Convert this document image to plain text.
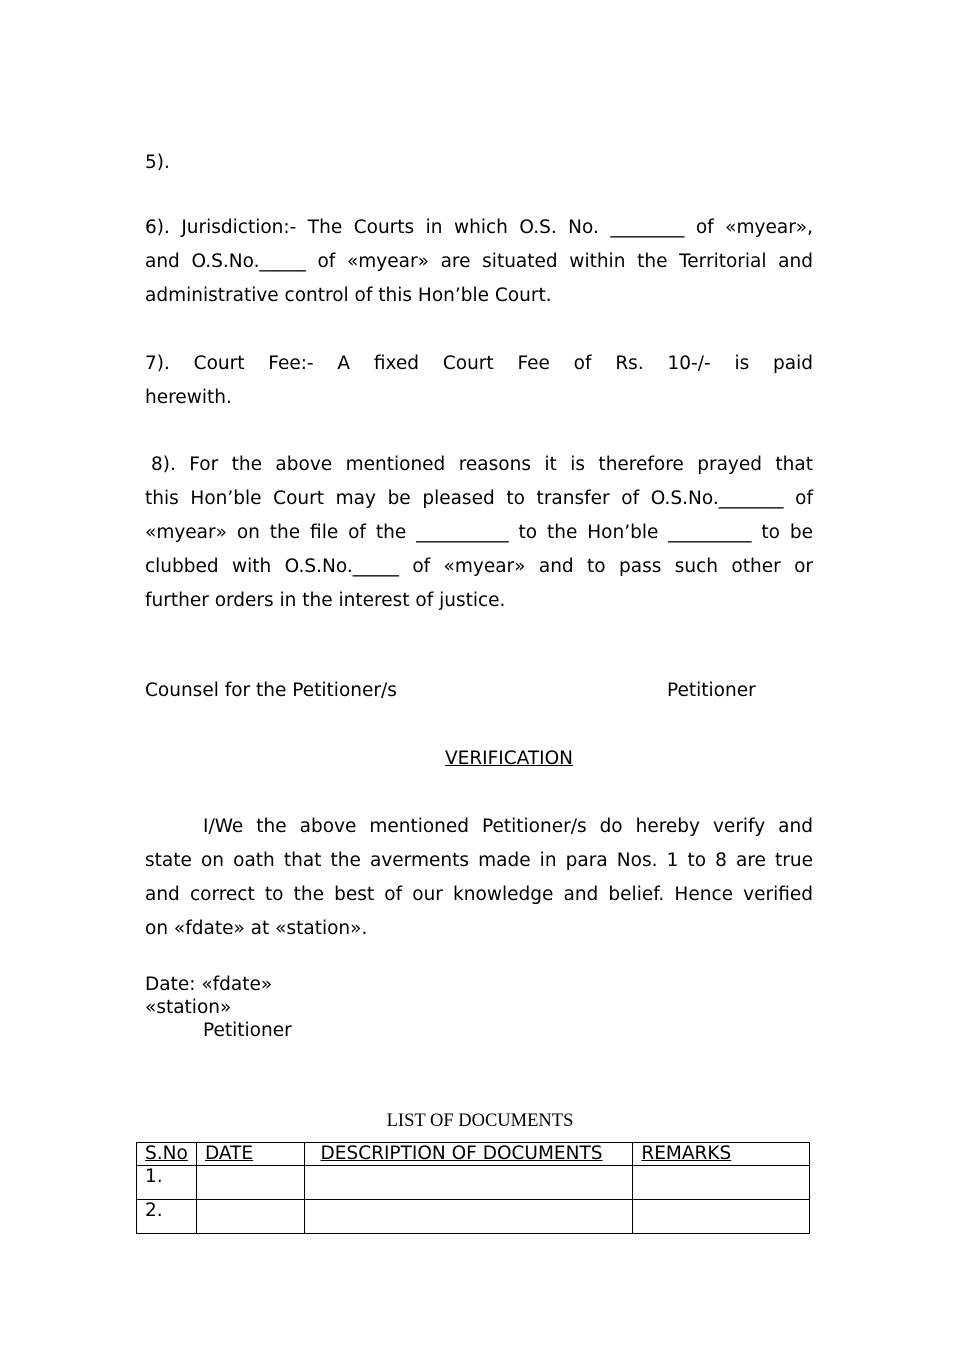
5).

6). Jurisdiction:- The Courts in which O.S. No. ________ of «myear»,

and O.S.No._____ of «myear» are situated within the Territorial and

administrative control of this Hon’ble Court.

7). Court Fee:- A fixed Court Fee of Rs. 10-/- is paid

herewith.

8). For the above mentioned reasons it is therefore prayed that

this Hon’ble Court may be pleased to transfer of O.S.No._______ of

«myear» on the file of the __________ to the Hon’ble _________ to be

clubbed with O.S.No._____ of «myear» and to pass such other or

further orders in the interest of justice.

Counsel for the Petitioner/s	Petitioner
VERIFICATION

I/We the above mentioned Petitioner/s do hereby verify and

state on oath that the averments made in para Nos. 1 to 8 are true

and correct to the best of our knowledge and belief. Hence verified

on «fdate» at «station».

Date: «fdate»

«station»

Petitioner

LIST OF DOCUMENTS
S.No	DATE	DESCRIPTION OF DOCUMENTS	REMARKS
1.			
2.			
